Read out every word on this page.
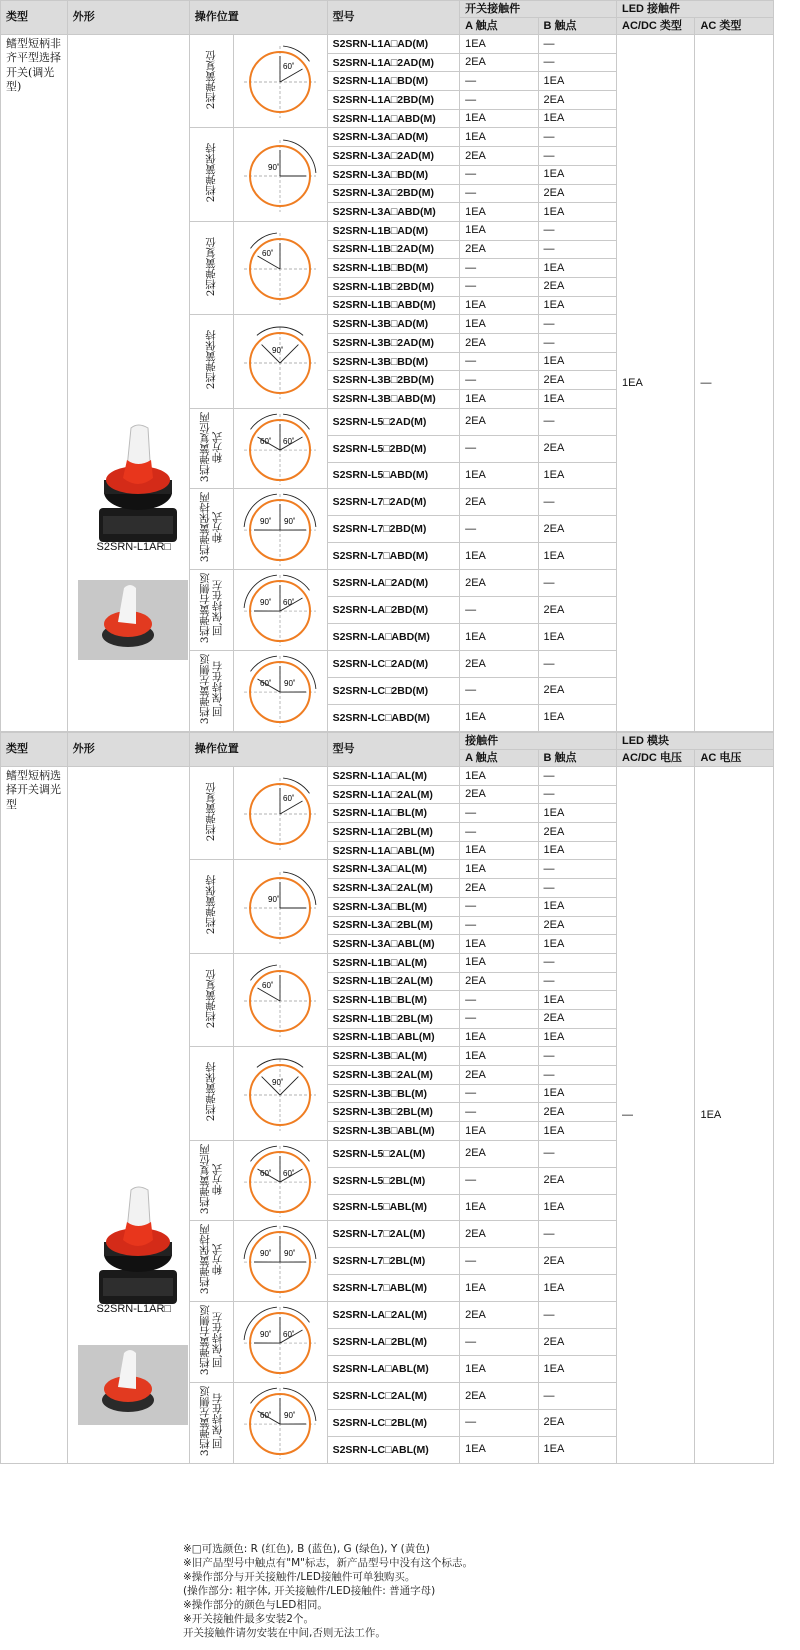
类型	外形	操作位置		型号	开关接触件		LED 接触件	
					A 触点	B 触点	AC/DC 类型	AC 类型
鳍型短柄非齐平型选择开关(调光型)	S2SRN-L1AR□	2档弹簧复位	60˚	S2SRN-L1A□AD(M)	1EA	—	1EA	—
				S2SRN-L1A□2AD(M)	2EA	—		
				S2SRN-L1A□BD(M)	—	1EA		
				S2SRN-L1A□2BD(M)	—	2EA		
				S2SRN-L1A□ABD(M)	1EA	1EA		
		2档弹簧保持	90˚	S2SRN-L3A□AD(M)	1EA	—		
				S2SRN-L3A□2AD(M)	2EA	—		
				S2SRN-L3A□BD(M)	—	1EA		
				S2SRN-L3A□2BD(M)	—	2EA		
				S2SRN-L3A□ABD(M)	1EA	1EA		
		2档弹簧复位	60˚	S2SRN-L1B□AD(M)	1EA	—		
				S2SRN-L1B□2AD(M)	2EA	—		
				S2SRN-L1B□BD(M)	—	1EA		
				S2SRN-L1B□2BD(M)	—	2EA		
				S2SRN-L1B□ABD(M)	1EA	1EA		
		2档弹簧保持	90˚	S2SRN-L3B□AD(M)	1EA	—		
				S2SRN-L3B□2AD(M)	2EA	—		
				S2SRN-L3B□BD(M)	—	1EA		
				S2SRN-L3B□2BD(M)	—	2EA		
				S2SRN-L3B□ABD(M)	1EA	1EA		
		3档弹簧复位两种方式	60˚ 60˚	S2SRN-L5□2AD(M)	2EA	—		
				S2SRN-L5□2BD(M)	—	2EA		
				S2SRN-L5□ABD(M)	1EA	1EA		
		3档弹簧保持两种方式	90˚ 90˚	S2SRN-L7□2AD(M)	2EA	—		
				S2SRN-L7□2BD(M)	—	2EA		
				S2SRN-L7□ABD(M)	1EA	1EA		
		3档弹簧右侧返回,保持在左	90˚ 60˚	S2SRN-LA□2AD(M)	2EA	—		
				S2SRN-LA□2BD(M)	—	2EA		
				S2SRN-LA□ABD(M)	1EA	1EA		
		3档弹簧左侧返回,保持在右	60˚ 90˚	S2SRN-LC□2AD(M)	2EA	—		
				S2SRN-LC□2BD(M)	—	2EA		
				S2SRN-LC□ABD(M)	1EA	1EA		
类型	外形	操作位置		型号	接触件		LED 模块	
					A 触点	B 触点	AC/DC 电压	AC 电压
鳍型短柄选择开关调光型	S2SRN-L1AR□	2档弹簧复位	60˚	S2SRN-L1A□AL(M)	1EA	—	—	1EA
				S2SRN-L1A□2AL(M)	2EA	—		
				S2SRN-L1A□BL(M)	—	1EA		
				S2SRN-L1A□2BL(M)	—	2EA		
				S2SRN-L1A□ABL(M)	1EA	1EA		
		2档弹簧保持	90˚	S2SRN-L3A□AL(M)	1EA	—		
				S2SRN-L3A□2AL(M)	2EA	—		
				S2SRN-L3A□BL(M)	—	1EA		
				S2SRN-L3A□2BL(M)	—	2EA		
				S2SRN-L3A□ABL(M)	1EA	1EA		
		2档弹簧复位	60˚	S2SRN-L1B□AL(M)	1EA	—		
				S2SRN-L1B□2AL(M)	2EA	—		
				S2SRN-L1B□BL(M)	—	1EA		
				S2SRN-L1B□2BL(M)	—	2EA		
				S2SRN-L1B□ABL(M)	1EA	1EA		
		2档弹簧保持	90˚	S2SRN-L3B□AL(M)	1EA	—		
				S2SRN-L3B□2AL(M)	2EA	—		
				S2SRN-L3B□BL(M)	—	1EA		
				S2SRN-L3B□2BL(M)	—	2EA		
				S2SRN-L3B□ABL(M)	1EA	1EA		
		3档弹簧复位两种方式	60˚ 60˚	S2SRN-L5□2AL(M)	2EA	—		
				S2SRN-L5□2BL(M)	—	2EA		
				S2SRN-L5□ABL(M)	1EA	1EA		
		3档弹簧保持两种方式	90˚ 90˚	S2SRN-L7□2AL(M)	2EA	—		
				S2SRN-L7□2BL(M)	—	2EA		
				S2SRN-L7□ABL(M)	1EA	1EA		
		3档弹簧右侧返回,保持在左	90˚ 60˚	S2SRN-LA□2AL(M)	2EA	—		
				S2SRN-LA□2BL(M)	—	2EA		
				S2SRN-LA□ABL(M)	1EA	1EA		
		3档弹簧左侧返回,保持在右	60˚ 90˚	S2SRN-LC□2AL(M)	2EA	—		
				S2SRN-LC□2BL(M)	—	2EA		
				S2SRN-LC□ABL(M)	1EA	1EA		
※□可选颜色: R (红色), B (蓝色), G (绿色), Y (黄色)
※旧产品型号中触点有"M"标志，新产品型号中没有这个标志。
※操作部分与开关接触件/LED接触件可单独购买。
(操作部分: 粗字体, 开关接触件/LED接触件: 普通字母)
※操作部分的颜色与LED相同。
※开关接触件最多安装2个。
开关接触件请勿安装在中间,否则无法工作。
